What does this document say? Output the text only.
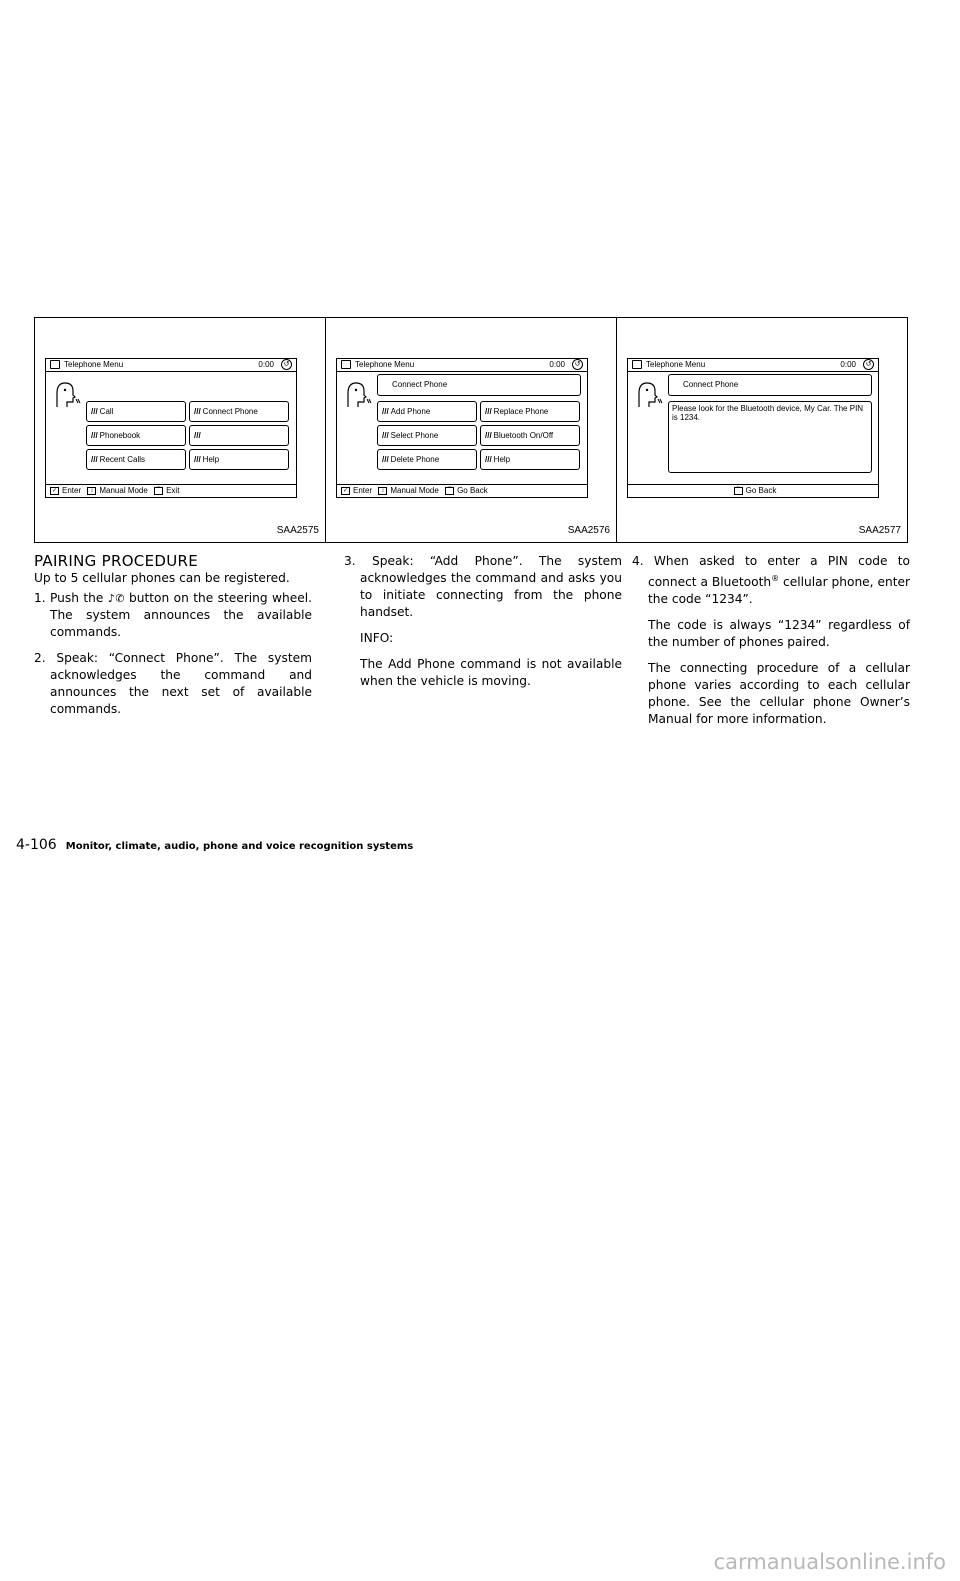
Telephone Menu	0:00	↺
/// Call	/// Connect Phone
/// Phonebook	///
/// Recent Calls	/// Help
✓ Enter ↕ Manual Mode ⌒ Exit
SAA2575
Telephone Menu	0:00	↺
Connect Phone
/// Add Phone	/// Replace Phone
/// Select Phone	/// Bluetooth On/Off
/// Delete Phone	/// Help
✓ Enter ↕ Manual Mode ⌒ Go Back
SAA2576
Telephone Menu	0:00	↺
Connect Phone
Please look for the Bluetooth device, My Car. The PIN is 1234.
⌒ Go Back
SAA2577

PAIRING PROCEDURE

Up to 5 cellular phones can be registered.

1. Push the ♪✆ button on the steering wheel. The system announces the available commands.

2. Speak: “Connect Phone”. The system acknowledges the command and announces the next set of available commands.

3. Speak: “Add Phone”. The system acknowledges the command and asks you to initiate connecting from the phone handset.

INFO:

The Add Phone command is not available when the vehicle is moving.

4. When asked to enter a PIN code to connect a Bluetooth® cellular phone, enter the code “1234”.

The code is always “1234” regardless of the number of phones paired.

The connecting procedure of a cellular phone varies according to each cellular phone. See the cellular phone Owner’s Manual for more information.

4-106 Monitor, climate, audio, phone and voice recognition systems
carmanualsonline.info
